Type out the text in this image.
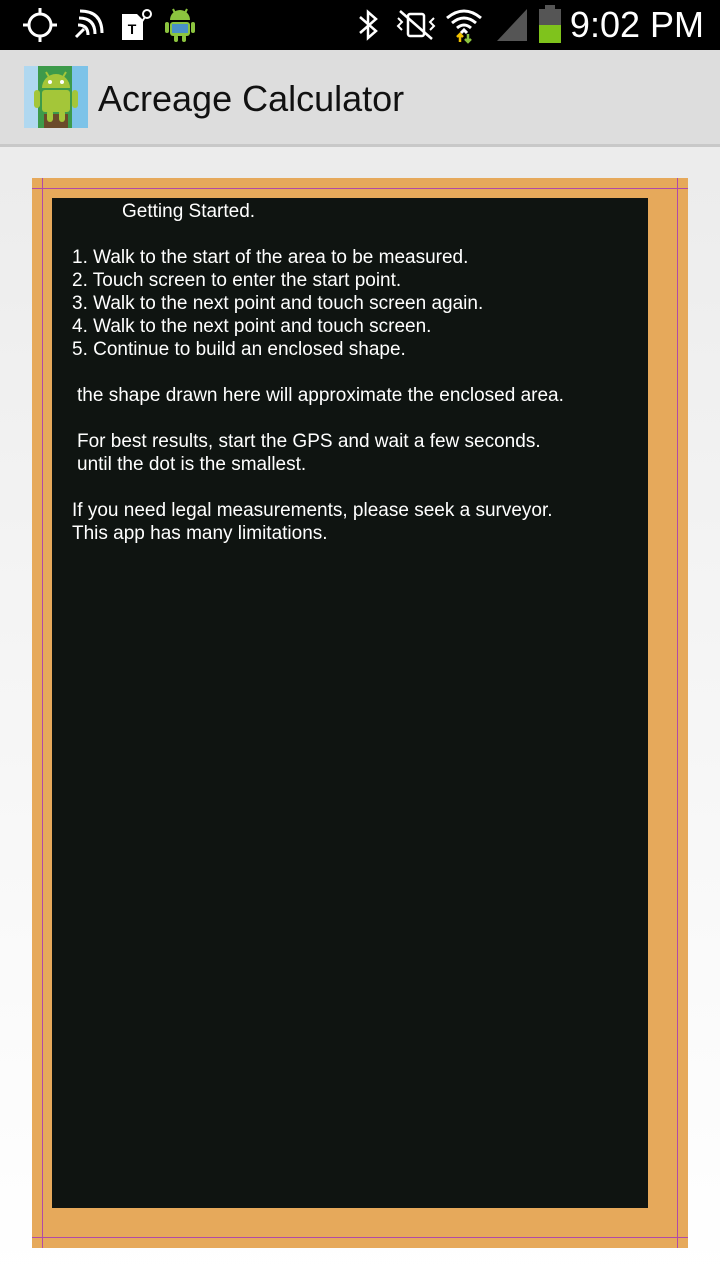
T	9:02 PM
Acreage Calculator
Getting Started.
1. Walk to the start of the area to be measured.
2. Touch screen to enter the start point.
3. Walk to the next point and touch screen again.
4. Walk to the next point and touch screen.
5. Continue to build an enclosed shape.
the shape drawn here will approximate the enclosed area.
For best results, start the GPS and wait a few seconds.
until the dot is the smallest.
If you need legal measurements, please seek a surveyor.
This app has many limitations.
